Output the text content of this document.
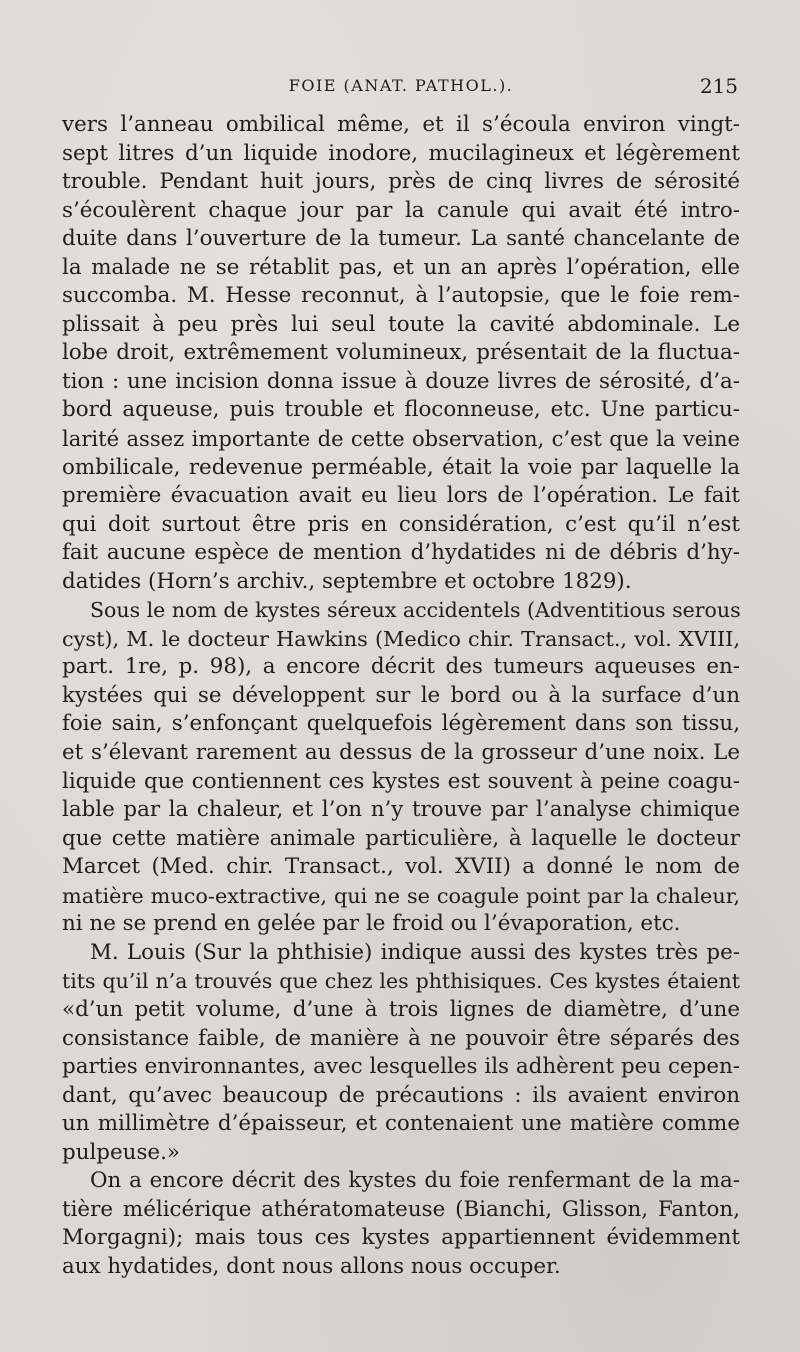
FOIE (ANAT. PATHOL.).	215
vers l’anneau ombilical même, et il s’écoula environ vingt-
sept litres d’un liquide inodore, mucilagineux et légèrement
trouble. Pendant huit jours, près de cinq livres de sérosité
s’écoulèrent chaque jour par la canule qui avait été intro-
duite dans l’ouverture de la tumeur. La santé chancelante de
la malade ne se rétablit pas, et un an après l’opération, elle
succomba. M. Hesse reconnut, à l’autopsie, que le foie rem-
plissait à peu près lui seul toute la cavité abdominale. Le
lobe droit, extrêmement volumineux, présentait de la fluctua-
tion : une incision donna issue à douze livres de sérosité, d’a-
bord aqueuse, puis trouble et floconneuse, etc. Une particu-
larité assez importante de cette observation, c’est que la veine
ombilicale, redevenue perméable, était la voie par laquelle la
première évacuation avait eu lieu lors de l’opération. Le fait
qui doit surtout être pris en considération, c’est qu’il n’est
fait aucune espèce de mention d’hydatides ni de débris d’hy-
datides (Horn’s archiv., septembre et octobre 1829).
Sous le nom de kystes séreux accidentels (Adventitious serous
cyst), M. le docteur Hawkins (Medico chir. Transact., vol. XVIII,
part. 1re, p. 98), a encore décrit des tumeurs aqueuses en-
kystées qui se développent sur le bord ou à la surface d’un
foie sain, s’enfonçant quelquefois légèrement dans son tissu,
et s’élevant rarement au dessus de la grosseur d’une noix. Le
liquide que contiennent ces kystes est souvent à peine coagu-
lable par la chaleur, et l’on n’y trouve par l’analyse chimique
que cette matière animale particulière, à laquelle le docteur
Marcet (Med. chir. Transact., vol. XVII) a donné le nom de
matière muco-extractive, qui ne se coagule point par la chaleur,
ni ne se prend en gelée par le froid ou l’évaporation, etc.
M. Louis (Sur la phthisie) indique aussi des kystes très pe-
tits qu’il n’a trouvés que chez les phthisiques. Ces kystes étaient
«d’un petit volume, d’une à trois lignes de diamètre, d’une
consistance faible, de manière à ne pouvoir être séparés des
parties environnantes, avec lesquelles ils adhèrent peu cepen-
dant, qu’avec beaucoup de précautions : ils avaient environ
un millimètre d’épaisseur, et contenaient une matière comme
pulpeuse.»
On a encore décrit des kystes du foie renfermant de la ma-
tière mélicérique athératomateuse (Bianchi, Glisson, Fanton,
Morgagni); mais tous ces kystes appartiennent évidemment
aux hydatides, dont nous allons nous occuper.
